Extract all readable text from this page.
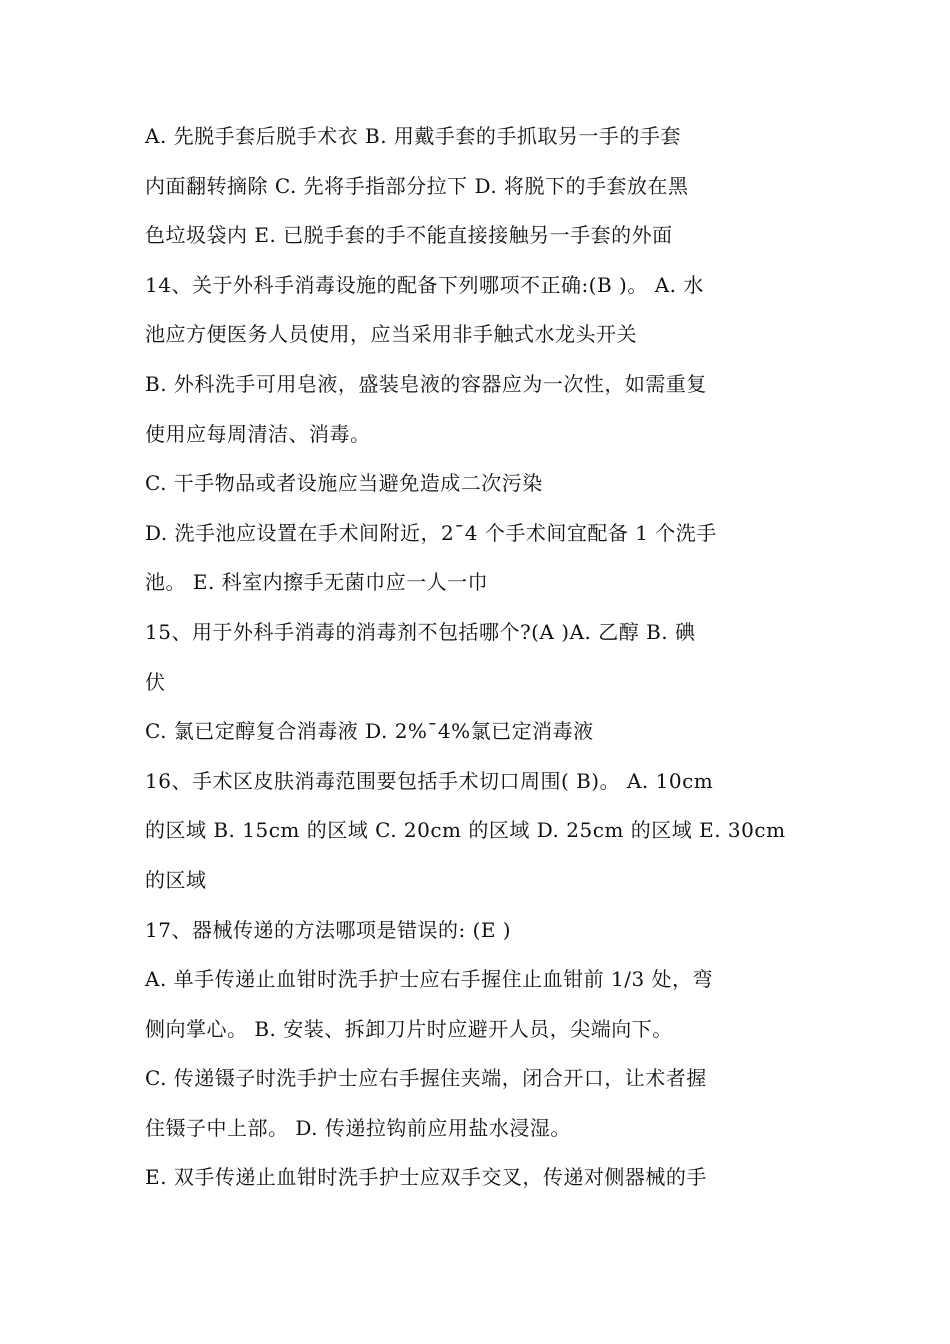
A. 先脱手套后脱手术衣 B. 用戴手套的手抓取另一手的手套
内面翻转摘除 C. 先将手指部分拉下 D. 将脱下的手套放在黑
色垃圾袋内 E. 已脱手套的手不能直接接触另一手套的外面
14、关于外科手消毒设施的配备下列哪项不正确:(B )。 A. 水
池应方便医务人员使用，应当采用非手触式水龙头开关
B. 外科洗手可用皂液，盛装皂液的容器应为一次性，如需重复
使用应每周清洁、消毒。
C. 干手物品或者设施应当避免造成二次污染
D. 洗手池应设置在手术间附近，2¯4 个手术间宜配备 1 个洗手
池。 E. 科室内擦手无菌巾应一人一巾
15、用于外科手消毒的消毒剂不包括哪个?(A )A. 乙醇 B. 碘
伏
C. 氯已定醇复合消毒液 D. 2%¯4%氯已定消毒液
16、手术区皮肤消毒范围要包括手术切口周围( B)。 A. 10cm
的区域 B. 15cm 的区域 C. 20cm 的区域 D. 25cm 的区域 E. 30cm
的区域
17、器械传递的方法哪项是错误的: (E )
A. 单手传递止血钳时洗手护士应右手握住止血钳前 1/3 处，弯
侧向掌心。 B. 安装、拆卸刀片时应避开人员，尖端向下。
C. 传递镊子时洗手护士应右手握住夹端，闭合开口，让术者握
住镊子中上部。 D. 传递拉钩前应用盐水浸湿。
E. 双手传递止血钳时洗手护士应双手交叉，传递对侧器械的手
